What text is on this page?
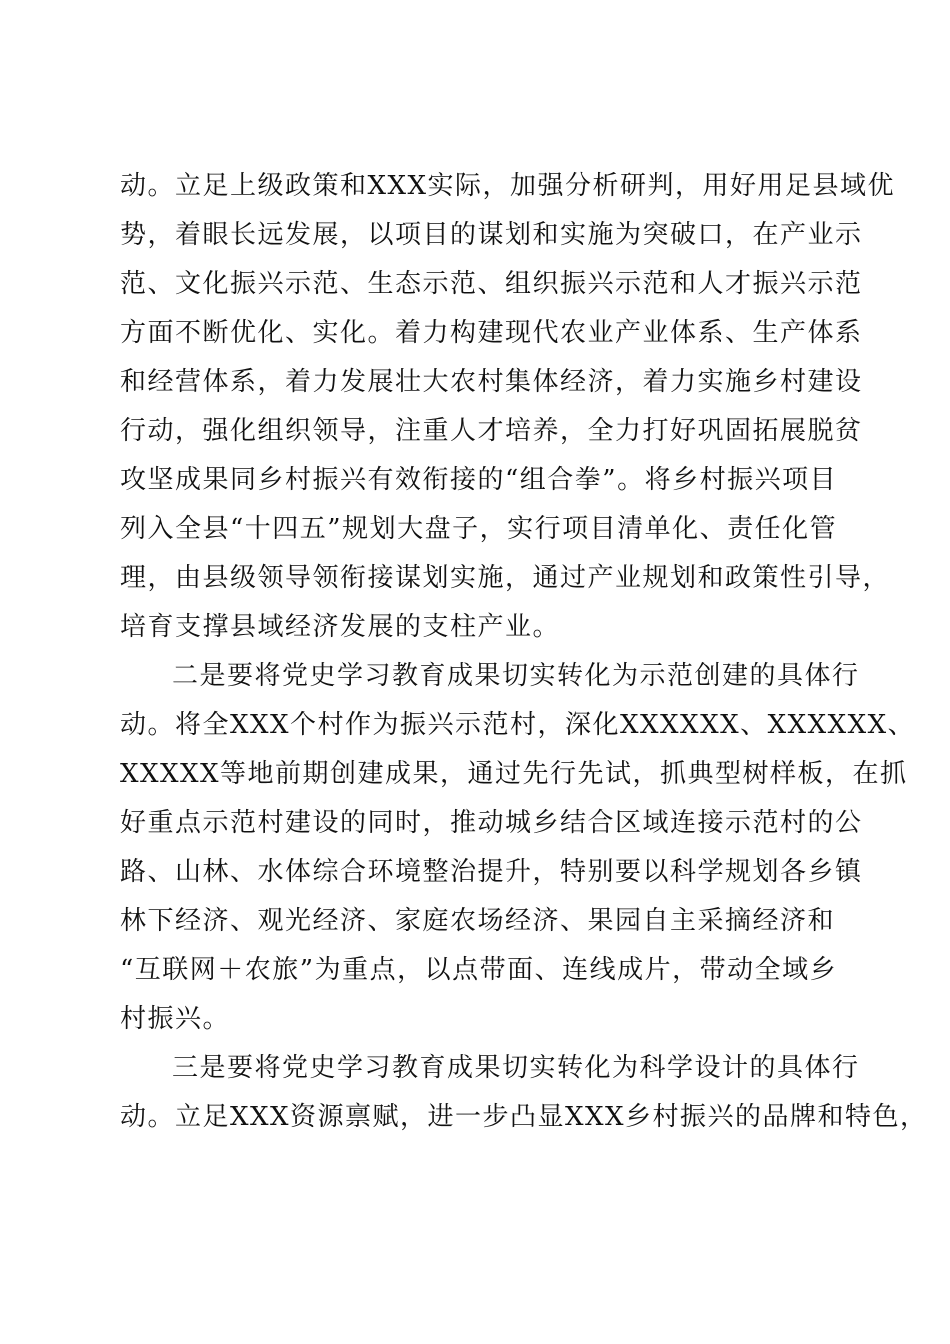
动。立足上级政策和XXX实际，加强分析研判，用好用足县域优
势，着眼长远发展，以项目的谋划和实施为突破口，在产业示
范、文化振兴示范、生态示范、组织振兴示范和人才振兴示范
方面不断优化、实化。着力构建现代农业产业体系、生产体系
和经营体系，着力发展壮大农村集体经济，着力实施乡村建设
行动，强化组织领导，注重人才培养，全力打好巩固拓展脱贫
攻坚成果同乡村振兴有效衔接的“组合拳”。将乡村振兴项目
列入全县“十四五”规划大盘子，实行项目清单化、责任化管
理，由县级领导领衔接谋划实施，通过产业规划和政策性引导，
培育支撑县域经济发展的支柱产业。
二是要将党史学习教育成果切实转化为示范创建的具体行
动。将全XXX个村作为振兴示范村，深化XXXXXX、XXXXXX、
XXXXX等地前期创建成果，通过先行先试，抓典型树样板，在抓
好重点示范村建设的同时，推动城乡结合区域连接示范村的公
路、山林、水体综合环境整治提升，特别要以科学规划各乡镇
林下经济、观光经济、家庭农场经济、果园自主采摘经济和
“互联网＋农旅”为重点，以点带面、连线成片，带动全域乡
村振兴。
三是要将党史学习教育成果切实转化为科学设计的具体行
动。立足XXX资源禀赋，进一步凸显XXX乡村振兴的品牌和特色，
